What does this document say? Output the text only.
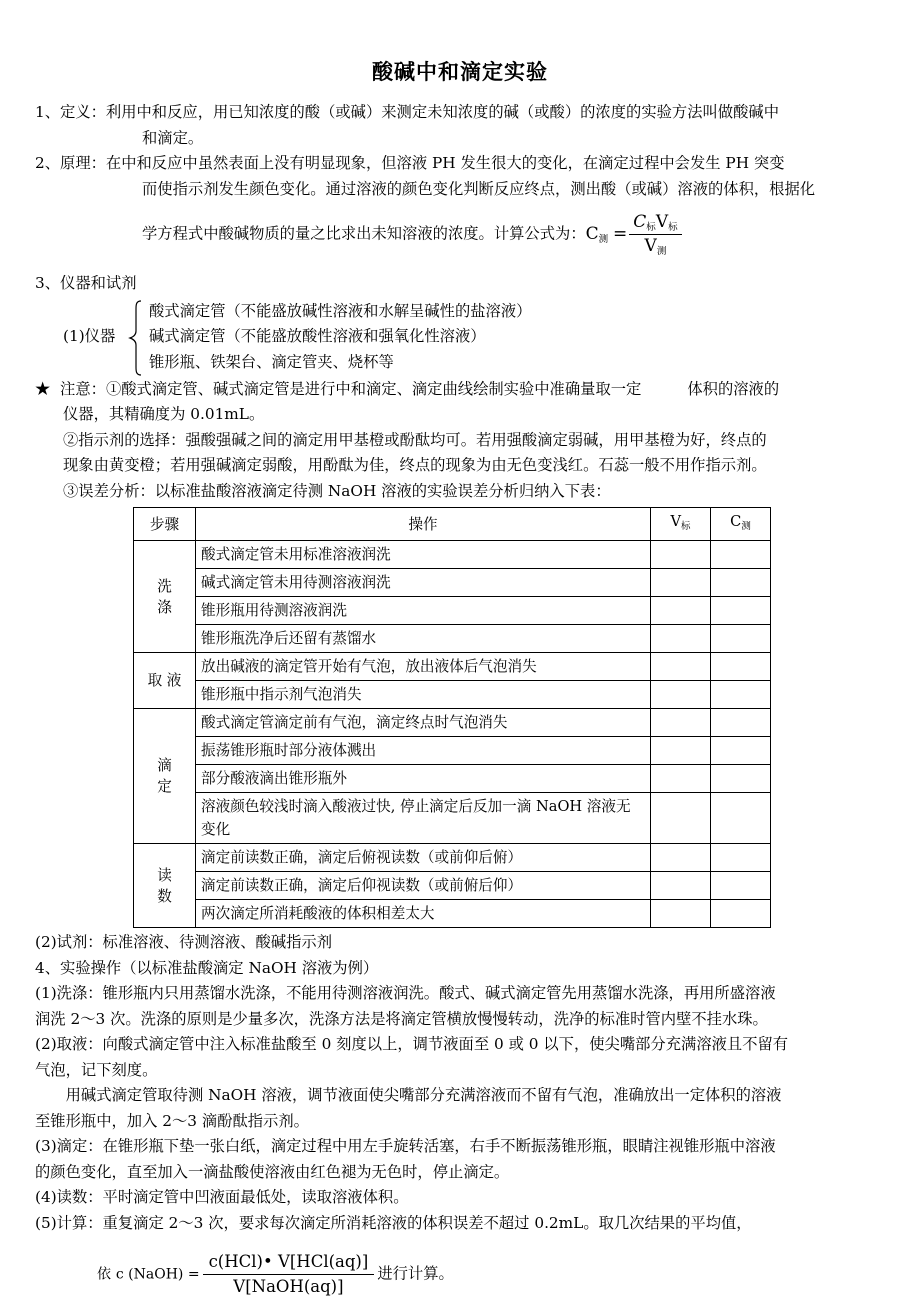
酸碱中和滴定实验

1、定义：利用中和反应，用已知浓度的酸（或碱）来测定未知浓度的碱（或酸）的浓度的实验方法叫做酸碱中

和滴定。

2、原理：在中和反应中虽然表面上没有明显现象，但溶液 PH 发生很大的变化，在滴定过程中会发生 PH 突变

而使指示剂发生颜色变化。通过溶液的颜色变化判断反应终点，测出酸（或碱）溶液的体积，根据化

学方程式中酸碱物质的量之比求出未知溶液的浓度。计算公式为：$C_测 = \frac{C_标V_标}{V_测}$

3、仪器和试剂

(1)仪器
酸式滴定管（不能盛放碱性溶液和水解呈碱性的盐溶液）
碱式滴定管（不能盛放酸性溶液和强氧化性溶液）
锥形瓶、铁架台、滴定管夹、烧杯等

★ 注意：①酸式滴定管、碱式滴定管是进行中和滴定、滴定曲线绘制实验中准确量取一定	体积的溶液的

仪器，其精确度为 0.01mL。

②指示剂的选择：强酸强碱之间的滴定用甲基橙或酚酞均可。若用强酸滴定弱碱，用甲基橙为好，终点的

现象由黄变橙；若用强碱滴定弱酸，用酚酞为佳，终点的现象为由无色变浅红。石蕊一般不用作指示剂。

③误差分析：以标准盐酸溶液滴定待测 NaOH 溶液的实验误差分析归纳入下表：

步骤	操作	V标	C测
洗涤	酸式滴定管未用标准溶液润洗		
	碱式滴定管未用待测溶液润洗		
	锥形瓶用待测溶液润洗		
	锥形瓶洗净后还留有蒸馏水		
取 液	放出碱液的滴定管开始有气泡，放出液体后气泡消失		
	锥形瓶中指示剂气泡消失		
滴定	酸式滴定管滴定前有气泡，滴定终点时气泡消失		
	振荡锥形瓶时部分液体溅出		
	部分酸液滴出锥形瓶外		
	溶液颜色较浅时滴入酸液过快, 停止滴定后反加一滴 NaOH 溶液无变化		
读数	滴定前读数正确，滴定后俯视读数（或前仰后俯）		
	滴定前读数正确，滴定后仰视读数（或前俯后仰）		
	两次滴定所消耗酸液的体积相差太大		

(2)试剂：标准溶液、待测溶液、酸碱指示剂

4、实验操作（以标准盐酸滴定 NaOH 溶液为例）

(1)洗涤：锥形瓶内只用蒸馏水洗涤，不能用待测溶液润洗。酸式、碱式滴定管先用蒸馏水洗涤，再用所盛溶液

润洗 2～3 次。洗涤的原则是少量多次，洗涤方法是将滴定管横放慢慢转动，洗净的标准时管内壁不挂水珠。

(2)取液：向酸式滴定管中注入标准盐酸至 0 刻度以上，调节液面至 0 或 0 以下，使尖嘴部分充满溶液且不留有

气泡，记下刻度。

用碱式滴定管取待测 NaOH 溶液，调节液面使尖嘴部分充满溶液而不留有气泡，准确放出一定体积的溶液

至锥形瓶中，加入 2～3 滴酚酞指示剂。

(3)滴定：在锥形瓶下垫一张白纸，滴定过程中用左手旋转活塞，右手不断振荡锥形瓶，眼睛注视锥形瓶中溶液

的颜色变化，直至加入一滴盐酸使溶液由红色褪为无色时，停止滴定。

(4)读数：平时滴定管中凹液面最低处，读取溶液体积。

(5)计算：重复滴定 2～3 次，要求每次滴定所消耗溶液的体积误差不超过 0.2mL。取几次结果的平均值，

依 c (NaOH) = $\frac{\text{c(HCl)• V[HCl(aq)]}}{\text{V[NaOH(aq)]}}$ 进行计算。
